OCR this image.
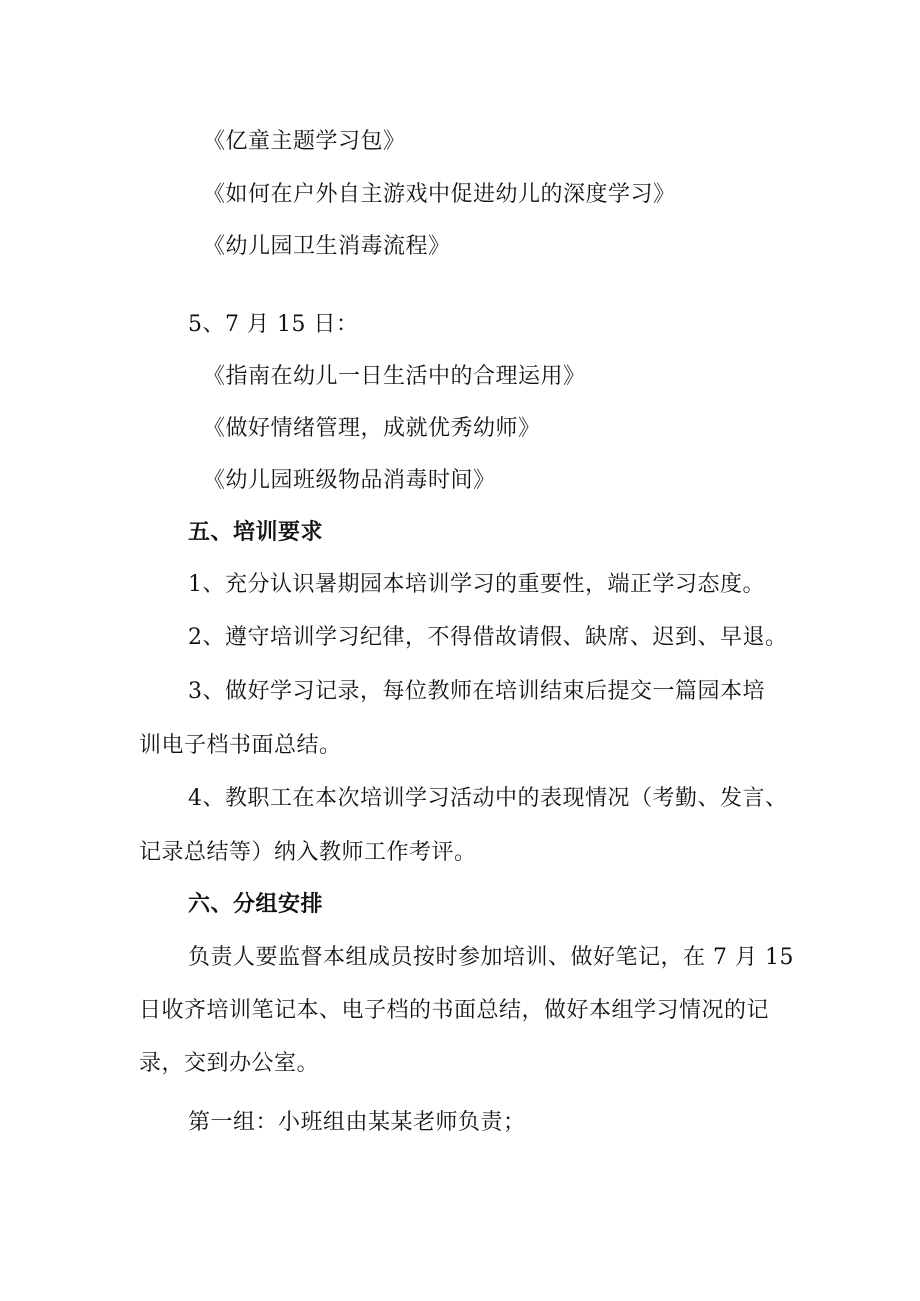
《亿童主题学习包》
《如何在户外自主游戏中促进幼儿的深度学习》
《幼儿园卫生消毒流程》
5、7 月 15 日：
《指南在幼儿一日生活中的合理运用》
《做好情绪管理，成就优秀幼师》
《幼儿园班级物品消毒时间》
五、培训要求
1、充分认识暑期园本培训学习的重要性，端正学习态度。
2、遵守培训学习纪律，不得借故请假、缺席、迟到、早退。
3、做好学习记录，每位教师在培训结束后提交一篇园本培
训电子档书面总结。
4、教职工在本次培训学习活动中的表现情况（考勤、发言、
记录总结等）纳入教师工作考评。
六、分组安排
负责人要监督本组成员按时参加培训、做好笔记，在 7 月 15
日收齐培训笔记本、电子档的书面总结，做好本组学习情况的记
录，交到办公室。
第一组：小班组由某某老师负责；
